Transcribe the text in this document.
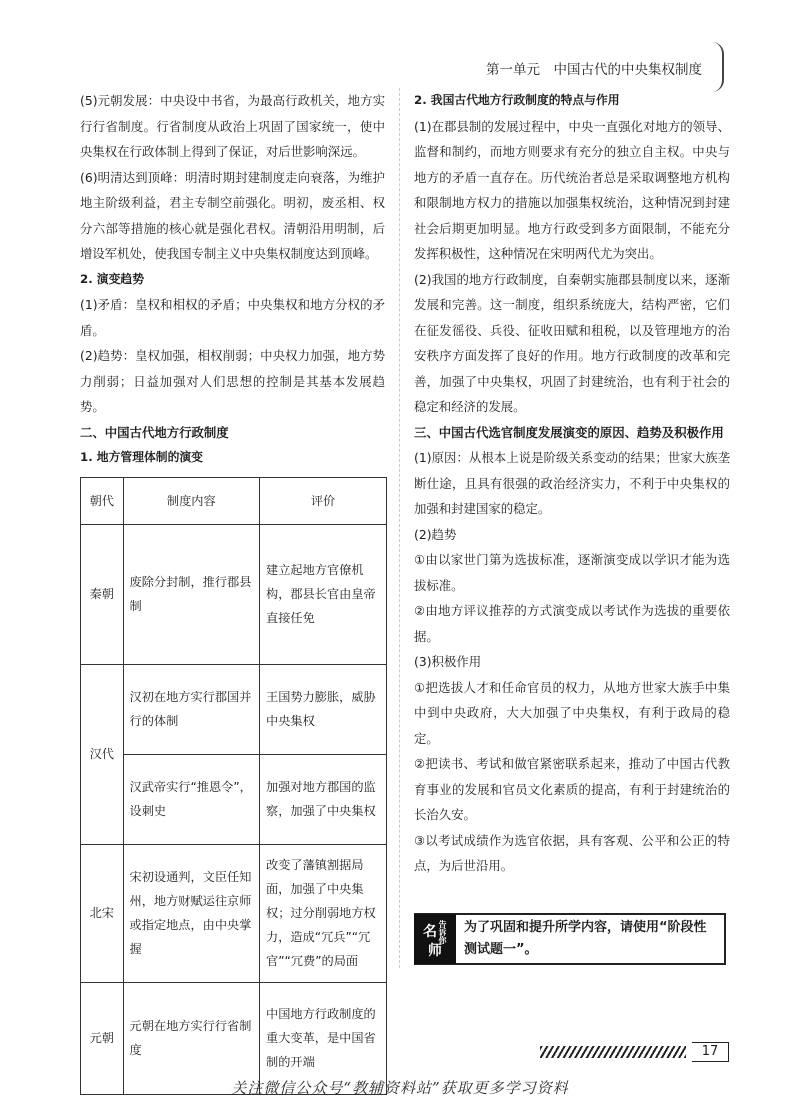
第一单元　中国古代的中央集权制度

(5)元朝发展：中央设中书省，为最高行政机关，地方实行行省制度。行省制度从政治上巩固了国家统一，使中央集权在行政体制上得到了保证，对后世影响深远。

(6)明清达到顶峰：明清时期封建制度走向衰落，为维护地主阶级利益，君主专制空前强化。明初，废丞相、权分六部等措施的核心就是强化君权。清朝沿用明制，后增设军机处，使我国专制主义中央集权制度达到顶峰。

2. 演变趋势

(1)矛盾：皇权和相权的矛盾；中央集权和地方分权的矛盾。

(2)趋势：皇权加强，相权削弱；中央权力加强，地方势力削弱；日益加强对人们思想的控制是其基本发展趋势。

二、中国古代地方行政制度

1. 地方管理体制的演变

朝代	制度内容	评价
秦朝	废除分封制，推行郡县制	建立起地方官僚机构，郡县长官由皇帝直接任免
汉代	汉初在地方实行郡国并行的体制	王国势力膨胀，威胁中央集权
	汉武帝实行“推恩令”，设刺史	加强对地方郡国的监察，加强了中央集权
北宋	宋初设通判，文臣任知州，地方财赋运往京师或指定地点，由中央掌握	改变了藩镇割据局面，加强了中央集权；过分削弱地方权力，造成“冗兵”“冗官”“冗费”的局面
元朝	元朝在地方实行行省制度	中国地方行政制度的重大变革，是中国省制的开端

2. 我国古代地方行政制度的特点与作用

(1)在郡县制的发展过程中，中央一直强化对地方的领导、监督和制约，而地方则要求有充分的独立自主权。中央与地方的矛盾一直存在。历代统治者总是采取调整地方机构和限制地方权力的措施以加强集权统治，这种情况到封建社会后期更加明显。地方行政受到多方面限制，不能充分发挥积极性，这种情况在宋明两代尤为突出。

(2)我国的地方行政制度，自秦朝实施郡县制度以来，逐渐发展和完善。这一制度，组织系统庞大，结构严密，它们在征发徭役、兵役、征收田赋和租税，以及管理地方的治安秩序方面发挥了良好的作用。地方行政制度的改革和完善，加强了中央集权，巩固了封建统治，也有利于社会的稳定和经济的发展。

三、中国古代选官制度发展演变的原因、趋势及积极作用

(1)原因：从根本上说是阶级关系变动的结果；世家大族垄断仕途，且具有很强的政治经济实力，不利于中央集权的加强和封建国家的稳定。

(2)趋势

①由以家世门第为选拔标准，逐渐演变成以学识才能为选拔标准。

②由地方评议推荐的方式演变成以考试作为选拔的重要依据。

(3)积极作用

①把选拔人才和任命官员的权力，从地方世家大族手中集中到中央政府，大大加强了中央集权，有利于政局的稳定。

②把读书、考试和做官紧密联系起来，推动了中国古代教育事业的发展和官员文化素质的提高，有利于封建统治的长治久安。

③以考试成绩作为选官依据，具有客观、公平和公正的特点，为后世沿用。

名 告诉你
师
为了巩固和提升所学内容，请使用“阶段性测试题一”。
17
关注微信公众号“教辅资料站”获取更多学习资料
